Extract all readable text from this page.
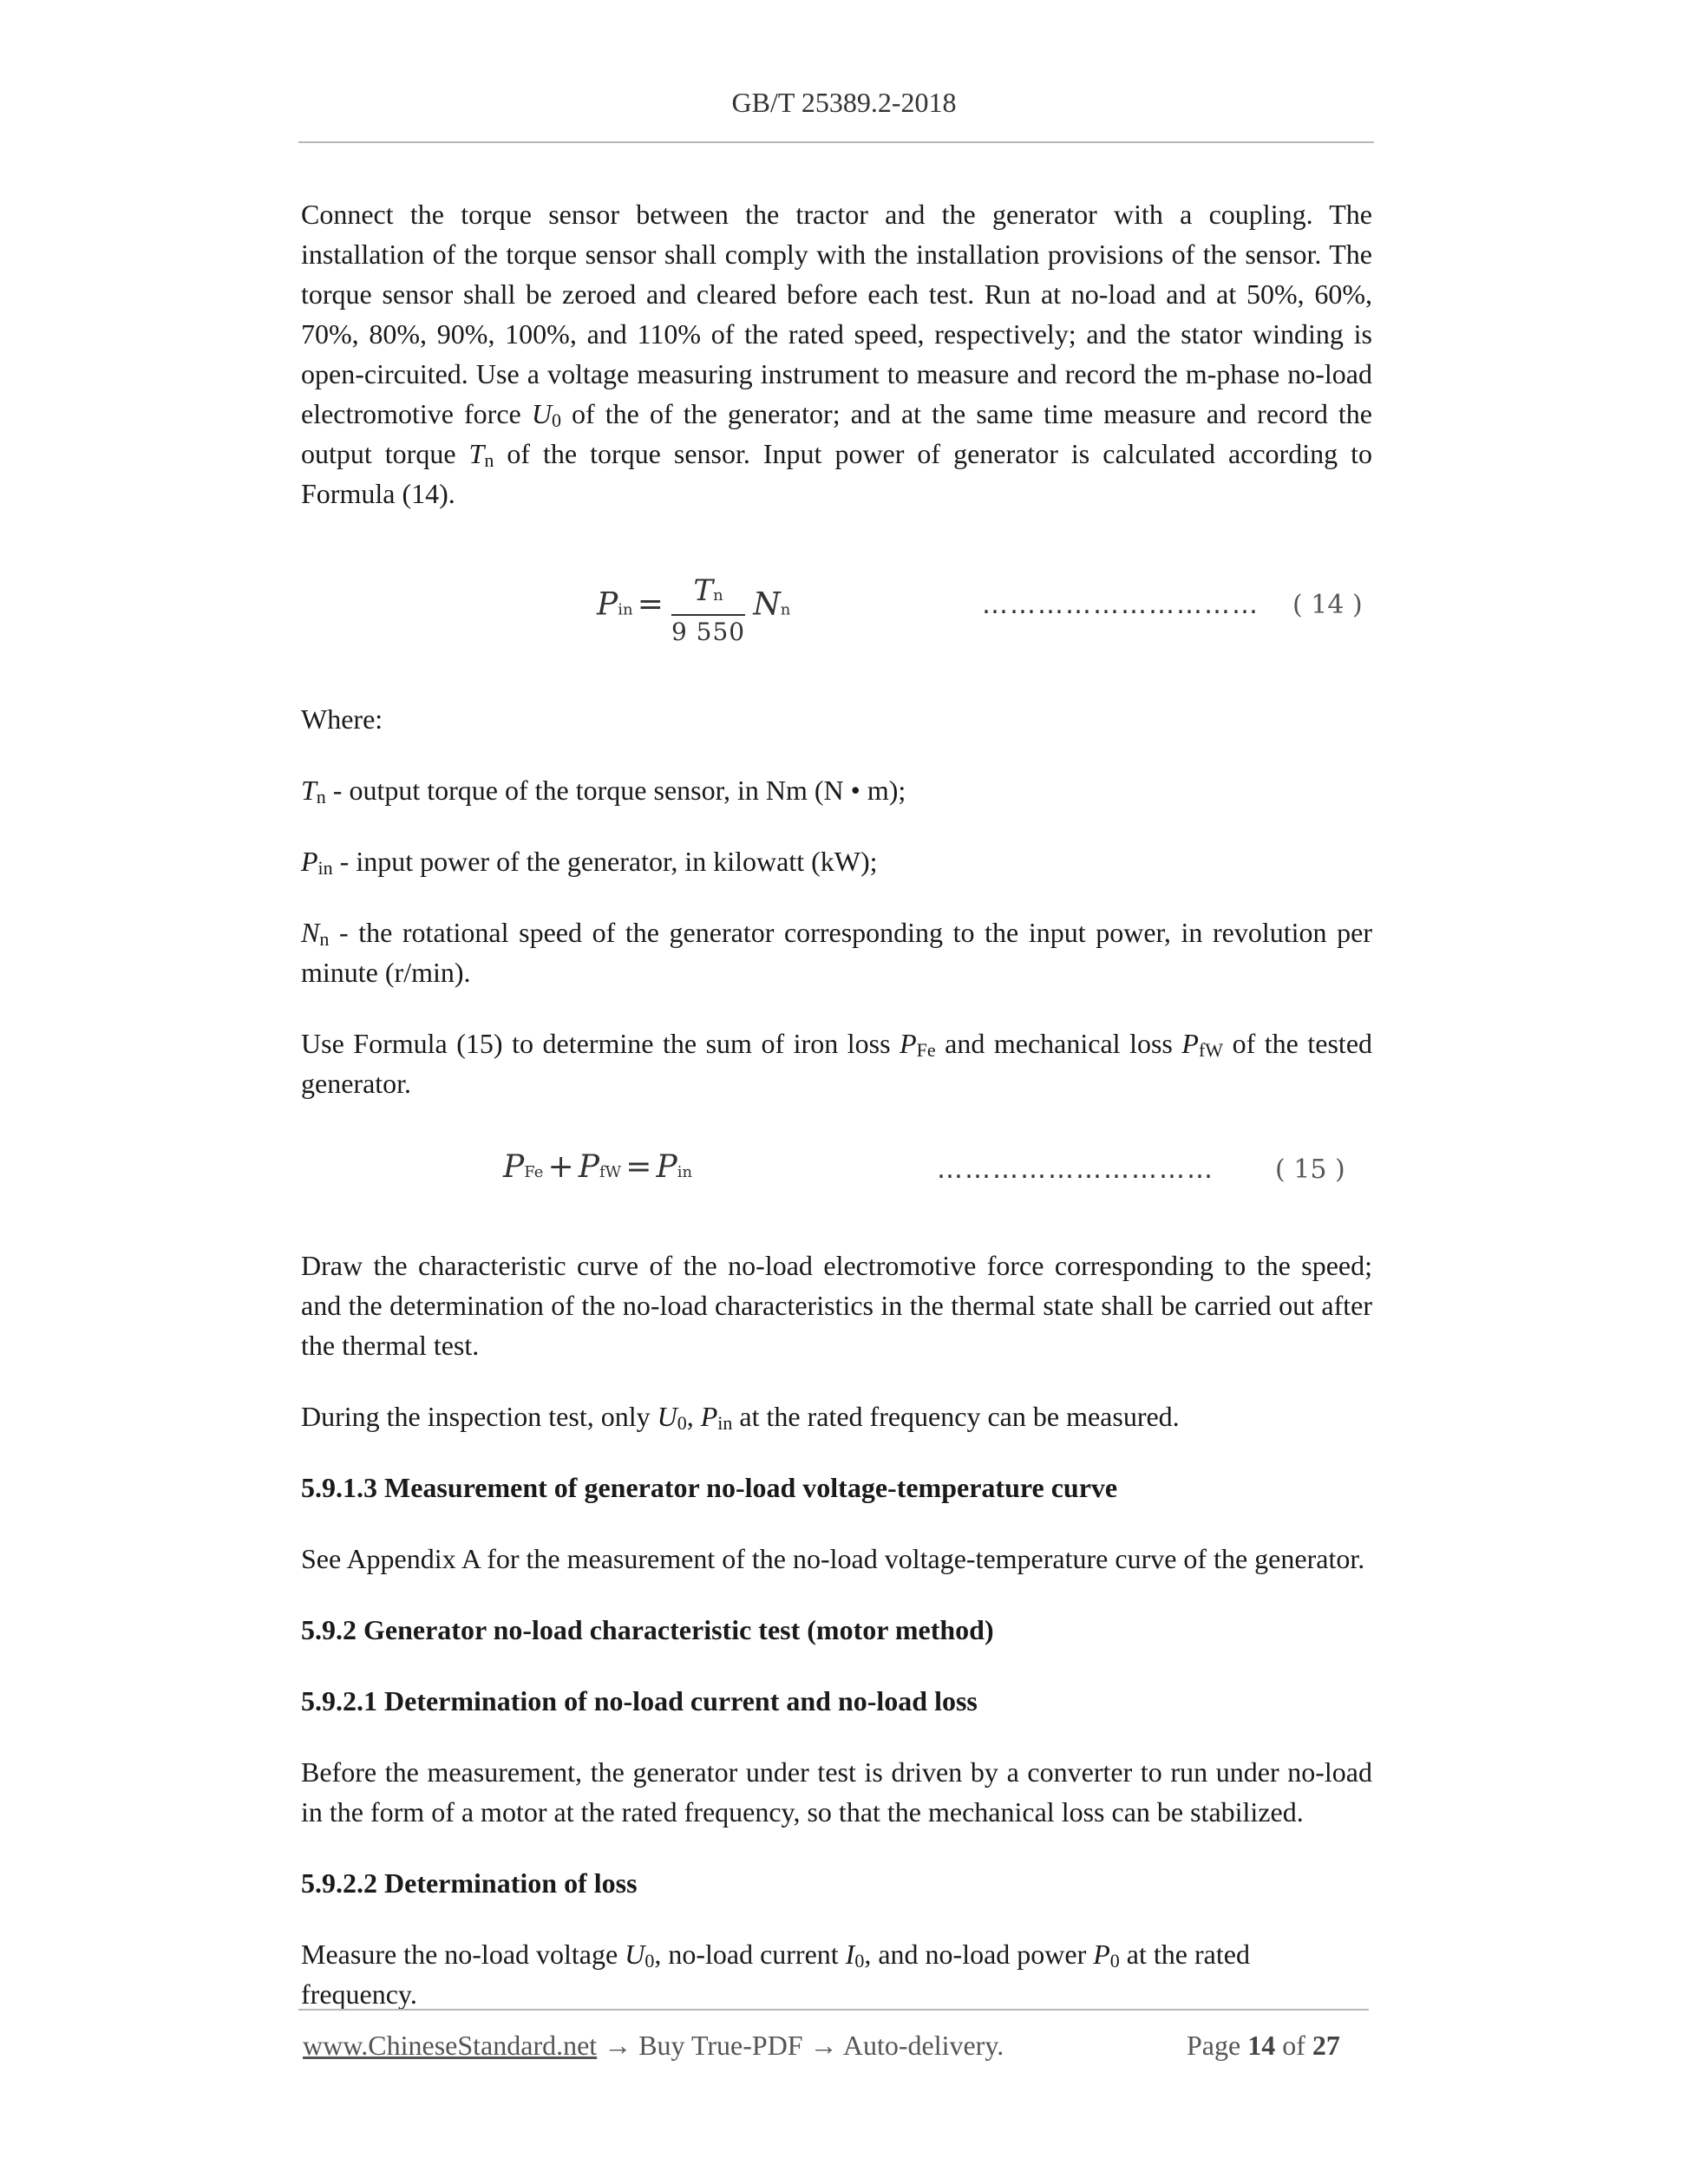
GB/T 25389.2-2018

Connect the torque sensor between the tractor and the generator with a coupling. The installation of the torque sensor shall comply with the installation provisions of the sensor. The torque sensor shall be zeroed and cleared before each test. Run at no-load and at 50%, 60%, 70%, 80%, 90%, 100%, and 110% of the rated speed, respectively; and the stator winding is open-circuited. Use a voltage measuring instrument to measure and record the m-phase no-load electromotive force $U_0$ of the of the generator; and at the same time measure and record the output torque $T_n$ of the torque sensor. Input power of generator is calculated according to Formula (14).

Pin = $\frac{Tn}{9 550}$ Nn	………………………… ( 14 )

Where:

$T_n$ - output torque of the torque sensor, in Nm (N • m);

$P_{in}$ - input power of the generator, in kilowatt (kW);

$N_n$ - the rotational speed of the generator corresponding to the input power, in revolution per minute (r/min).

Use Formula (15) to determine the sum of iron loss $P_{Fe}$ and mechanical loss $P_{fW}$ of the tested generator.

PFe + PfW = Pin	………………………… ( 15 )

Draw the characteristic curve of the no-load electromotive force corresponding to the speed; and the determination of the no-load characteristics in the thermal state shall be carried out after the thermal test.

During the inspection test, only $U_0$, $P_{in}$ at the rated frequency can be measured.

5.9.1.3 Measurement of generator no-load voltage-temperature curve

See Appendix A for the measurement of the no-load voltage-temperature curve of the generator.

5.9.2 Generator no-load characteristic test (motor method)

5.9.2.1 Determination of no-load current and no-load loss

Before the measurement, the generator under test is driven by a converter to run under no-load in the form of a motor at the rated frequency, so that the mechanical loss can be stabilized.

5.9.2.2 Determination of loss

Measure the no-load voltage $U_0$, no-load current $I_0$, and no-load power $P_0$ at the rated frequency.

www.ChineseStandard.net → Buy True-PDF → Auto-delivery.	Page 14 of 27
